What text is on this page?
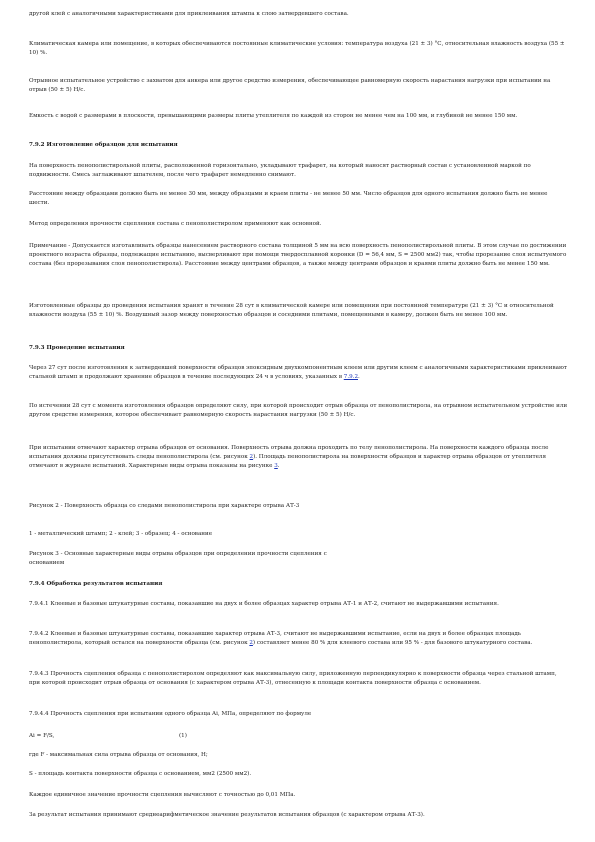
другой клей с аналогичными характеристиками для приклеивания штампа к слою затвердевшего состава.

Климатическая камера или помещение, в которых обеспечиваются постоянные климатические условия: температура воздуха (21 ± 3) °С, относительная влажность воздуха (55 ± 10) %.

Отрывное испытательное устройство с захватом для анкера или другое средство измерения, обеспечивающее равномерную скорость нарастания нагрузки при испытании на отрыв (50 ± 5) Н/с.

Емкость с водой с размерами в плоскости, превышающими размеры плиты утеплителя по каждой из сторон не менее чем на 100 мм, и глубиной не менее 150 мм.

7.9.2 Изготовление образцов для испытания

На поверхность пенополистирольной плиты, расположенной горизонтально, укладывают трафарет, на который наносят растворный состав с установленной маркой по подвижности. Смесь заглаживают шпателем, после чего трафарет немедленно снимают.

Расстояние между образцами должно быть не менее 30 мм, между образцами и краем плиты - не менее 50 мм. Число образцов для одного испытания должно быть не менее шести.

Метод определения прочности сцепления состава с пенополистиролом применяют как основной.

Примечание - Допускается изготавливать образцы нанесением растворного состава толщиной 5 мм на всю поверхность пенополистирольной плиты. В этом случае по достижении проектного возраста образцы, подлежащие испытанию, высверливают при помощи твердосплавной коронки (D = 56,4 мм, S = 2500 мм2) так, чтобы прорезание слоя испытуемого состава (без прорезывания слоя пенополистирола). Расстояние между центрами образцов, а также между центрами образцов и краями плиты должно быть не менее 150 мм.

Изготовленные образцы до проведения испытания хранят в течение 28 сут в климатической камере или помещении при постоянной температуре (21 ± 3) °С и относительной влажности воздуха (55 ± 10) %. Воздушный зазор между поверхностью образцов и соседними плитами, помещенными в камеру, должен быть не менее 100 мм.

7.9.3 Проведение испытания

Через 27 сут после изготовления к затвердевшей поверхности образцов эпоксидным двухкомпонентным клеем или другим клеем с аналогичными характеристиками приклеивают стальной штамп и продолжают хранение образцов в течение последующих 24 ч в условиях, указанных в 7.9.2.

По истечении 28 сут с момента изготовления образцов определяют силу, при которой происходит отрыв образца от пенополистирола, на отрывном испытательном устройстве или другом средстве измерения, которое обеспечивает равномерную скорость нарастания нагрузки (50 ± 5) Н/с.

При испытании отмечают характер отрыва образцов от основания. Поверхность отрыва должна проходить по телу пенополистирола. На поверхности каждого образца после испытания должны присутствовать следы пенополистирола (см. рисунок 2). Площадь пенополистирола на поверхности образцов и характер отрыва образцов от утеплителя отмечают в журнале испытаний. Характерные виды отрыва показаны на рисунке 3.

Рисунок 2 - Поверхность образца со следами пенополистирола при характере отрыва АТ-3

1 - металлический штамп; 2 - клей; 3 - образец; 4 - основание

Рисунок 3 - Основные характерные виды отрыва образцов при определении прочности сцепления с основанием

7.9.4 Обработка результатов испытания

7.9.4.1 Клеевые и базовые штукатурные составы, показавшие на двух и более образцах характер отрыва АТ-1 и АТ-2, считают не выдержавшими испытания.

7.9.4.2 Клеевые и базовые штукатурные составы, показавшие характер отрыва АТ-3, считают не выдержавшими испытание, если на двух и более образцах площадь пенополистирола, который остался на поверхности образца (см. рисунок 2) составляет менее 80 % для клеевого состава или 95 % - для базового штукатурного состава.

7.9.4.3 Прочность сцепления образца с пенополистиролом определяют как максимальную силу, приложенную перпендикулярно к поверхности образца через стальной штамп, при которой происходит отрыв образца от основания (с характером отрыва АТ-3), отнесенную к площади контакта поверхности образца с основанием.

7.9.4.4 Прочность сцепления при испытании одного образца Ai, МПа, определяют по формуле

Ai = F/S,	(1)

где F - максимальная сила отрыва образца от основания, Н;

S - площадь контакта поверхности образца с основанием, мм2 (2500 мм2).

Каждое единичное значение прочности сцепления вычисляют с точностью до 0,01 МПа.

За результат испытания принимают среднеарифметическое значение результатов испытания образцов (с характером отрыва АТ-3).
